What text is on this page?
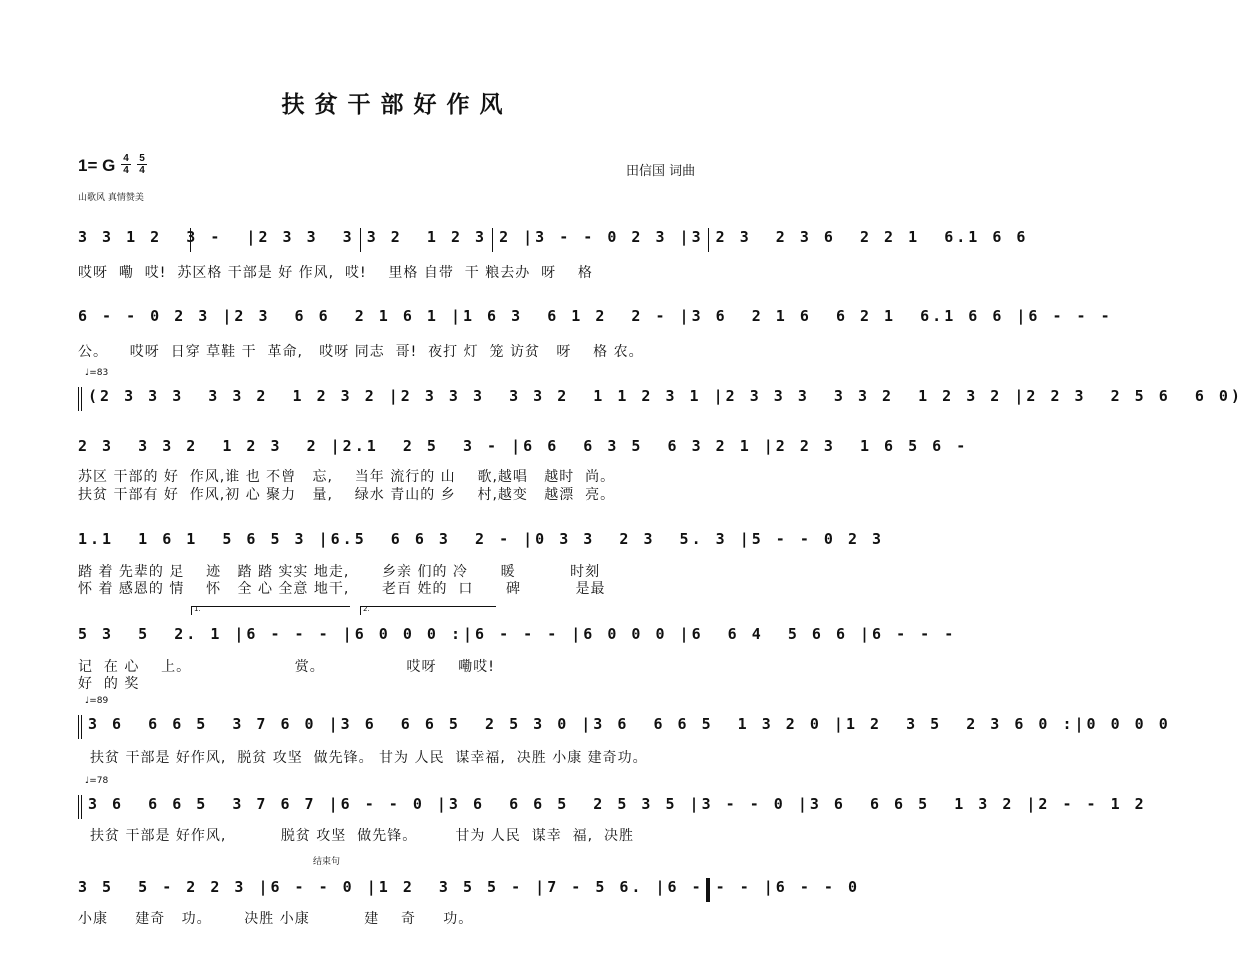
扶贫干部好作风
1= G $\frac{4}{4} \frac{5}{4}$	田信国 词曲
山歌风 真情赞美
3 3 1 2  3 -  |2 3 3  3 3 2  1 2 3 2 |3 - - 0 2 3 |3 2 3  2 3 6  2 2 1  6.1 6 6
哎呀  嘞  哎!  苏区格 干部是 好 作风,  哎!    里格 自带  干 粮去办  呀    格
6 - - 0 2 3 |2 3  6 6  2 1 6 1 |1 6 3  6 1 2  2 - |3 6  2 1 6  6 2 1  6.1 6 6 |6 - - -
公。    哎呀  日穿 草鞋 干  革命,   哎呀 同志  哥!  夜打 灯  笼 访贫   呀    格 农。
♩=83
(2 3 3 3  3 3 2  1 2 3 2 |2 3 3 3  3 3 2  1 1 2 3 1 |2 3 3 3  3 3 2  1 2 3 2 |2 2 3  2 5 6  6 0)
2 3  3 3 2  1 2 3  2 |2.1  2 5  3 - |6 6  6 3 5  6 3 2 1 |2 2 3  1 6 5 6 -
苏区 干部的 好  作风,谁 也 不曾   忘,    当年 流行的 山    歌,越唱   越时  尚。
扶贫 干部有 好  作风,初 心 聚力   量,    绿水 青山的 乡    村,越变   越漂  亮。
1.1  1 6 1  5 6 5 3 |6.5  6 6 3  2 - |0 3 3  2 3  5. 3 |5 - - 0 2 3
踏 着 先辈的 足    迹   踏 踏 实实 地走,      乡亲 们的 冷      暖          时刻
怀 着 感恩的 情    怀   全 心 全意 地干,      老百 姓的  口      碑          是最
1.	2.
5 3  5  2. 1 |6 - - - |6 0 0 0 :|6 - - - |6 0 0 0 |6  6 4  5 6 6 |6 - - -
记  在 心    上。                   赏。               哎呀    嘞哎!
好  的 奖
♩=89
3 6  6 6 5  3 7 6 0 |3 6  6 6 5  2 5 3 0 |3 6  6 6 5  1 3 2 0 |1 2  3 5  2 3 6 0 :|0 0 0 0
扶贫 干部是 好作风,  脱贫 攻坚  做先锋。 甘为 人民  谋幸福,  决胜 小康 建奇功。
♩=78
3 6  6 6 5  3 7 6 7 |6 - - 0 |3 6  6 6 5  2 5 3 5 |3 - - 0 |3 6  6 6 5  1 3 2 |2 - - 1 2
扶贫 干部是 好作风,          脱贫 攻坚  做先锋。       甘为 人民  谋幸  福,  决胜
结束句
3 5  5 - 2 2 3 |6 - - 0 |1 2  3 5 5 - |7 - 5 6. |6 - - - |6 - - 0
小康     建奇   功。      决胜 小康          建    奇     功。
